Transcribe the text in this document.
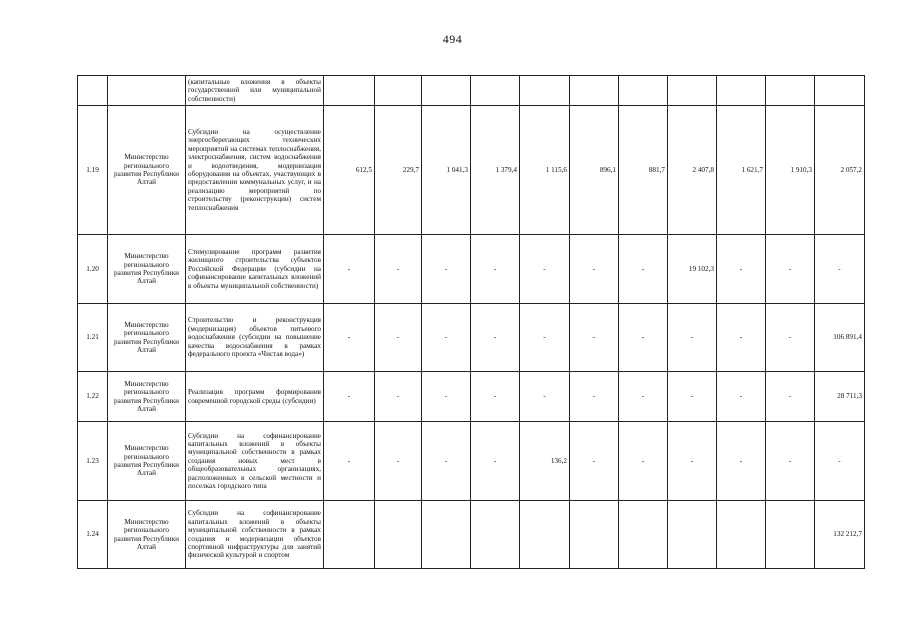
494
		(капитальные вложения в объекты государственной или муниципальной собственности)											
1.19	Министерство регионального развития Республики Алтай	Субсидии на осуществление энергосберегающих технических мероприятий на системах теплоснабжения, электроснабжения, систем водоснабжения и водоотведения, модернизация оборудования на объектах, участвующих в предоставлении коммунальных услуг, и на реализацию мероприятий по строительству (реконструкции) систем теплоснабжения	612,5	229,7	1 041,3	1 379,4	1 115,6	896,1	881,7	2 407,8	1 621,7	1 910,3	2 057,2
1.20	Министерство регионального развития Республики Алтай	Стимулирование программ развития жилищного строительства субъектов Российской Федерации (субсидии на софинансирование капитальных вложений в объекты муниципальной собственности)	-	-	-	-	-	-	-	19 102,3	-	-	-
1.21	Министерство регионального развития Республики Алтай	Строительство и реконструкция (модернизация) объектов питьевого водоснабжения (субсидии на повышение качества водоснабжения в рамках федерального проекта «Чистая вода»)	-	-	-	-	-	-	-	-	-	-	106 891,4
1.22	Министерство регионального развития Республики Алтай	Реализация программ формирования современной городской среды (субсидии)	-	-	-	-	-	-	-	-	-	-	28 711,3
1.23	Министерство регионального развития Республики Алтай	Субсидии на софинансирование капитальных вложений в объекты муниципальной собственности в рамках создания новых мест в общеобразовательных организациях, расположенных в сельской местности и поселках городского типа	-	-	-	-	136,2	-	-	-	-	-	-
1.24	Министерство регионального развития Республики Алтай	Субсидии на софинансирование капитальных вложений в объекты муниципальной собственности в рамках создания и модернизации объектов спортивной инфраструктуры для занятий физической культурой и спортом											132 212,7
